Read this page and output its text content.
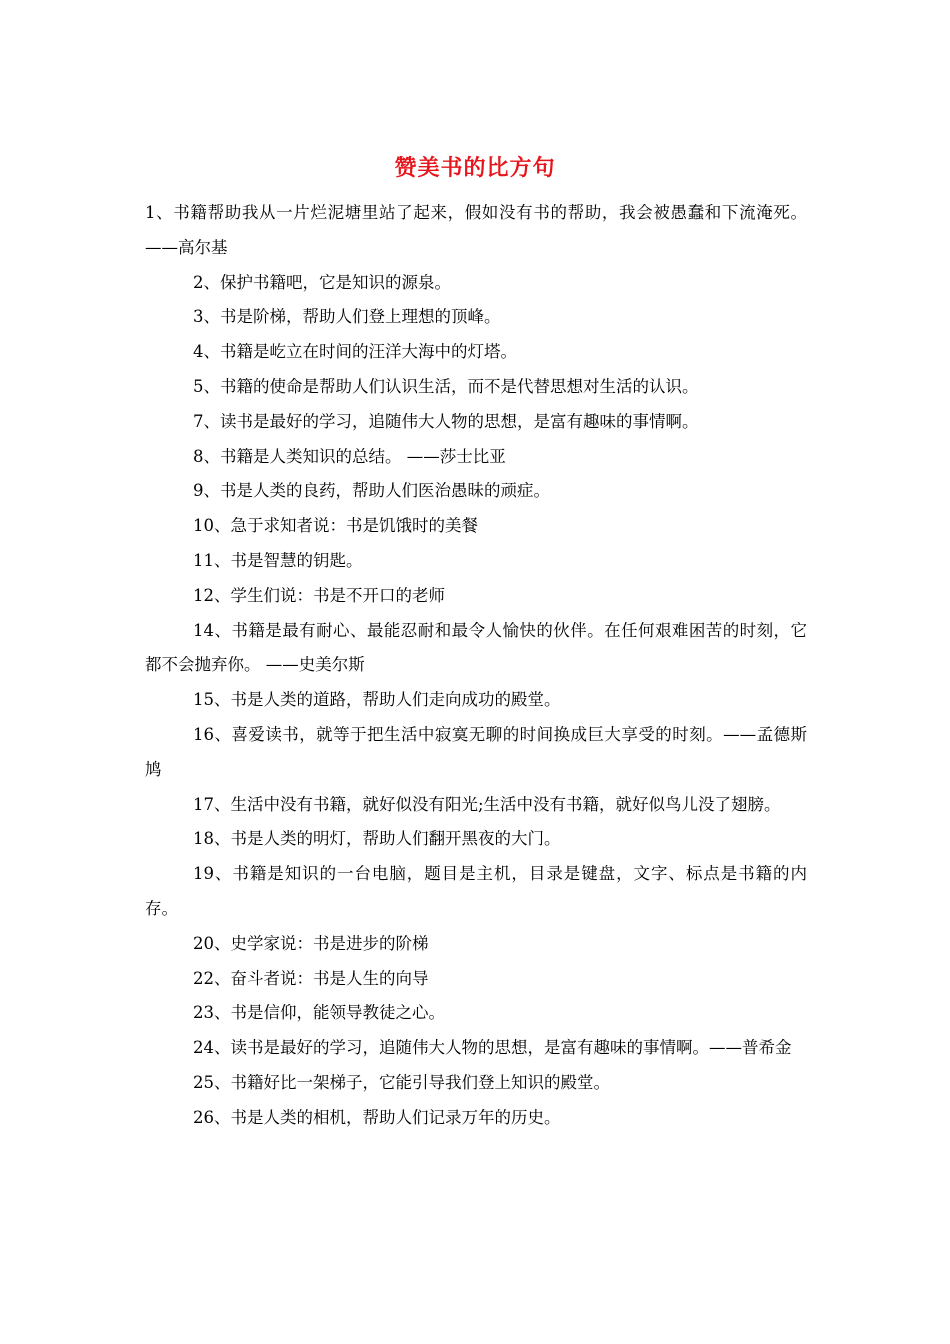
赞美书的比方句

1、书籍帮助我从一片烂泥塘里站了起来，假如没有书的帮助，我会被愚蠢和下流淹死。 ——高尔基

2、保护书籍吧，它是知识的源泉。

3、书是阶梯，帮助人们登上理想的顶峰。

4、书籍是屹立在时间的汪洋大海中的灯塔。

5、书籍的使命是帮助人们认识生活，而不是代替思想对生活的认识。

7、读书是最好的学习，追随伟大人物的思想，是富有趣味的事情啊。

8、书籍是人类知识的总结。 ——莎士比亚

9、书是人类的良药，帮助人们医治愚昧的顽症。

10、急于求知者说：书是饥饿时的美餐

11、书是智慧的钥匙。

12、学生们说：书是不开口的老师

14、书籍是最有耐心、最能忍耐和最令人愉快的伙伴。在任何艰难困苦的时刻，它都不会抛弃你。 ——史美尔斯

15、书是人类的道路，帮助人们走向成功的殿堂。

16、喜爱读书，就等于把生活中寂寞无聊的时间换成巨大享受的时刻。——孟德斯鸠

17、生活中没有书籍，就好似没有阳光;生活中没有书籍，就好似鸟儿没了翅膀。

18、书是人类的明灯，帮助人们翻开黑夜的大门。

19、书籍是知识的一台电脑，题目是主机，目录是键盘，文字、标点是书籍的内存。

20、史学家说：书是进步的阶梯

22、奋斗者说：书是人生的向导

23、书是信仰，能领导教徒之心。

24、读书是最好的学习，追随伟大人物的思想，是富有趣味的事情啊。——普希金

25、书籍好比一架梯子，它能引导我们登上知识的殿堂。

26、书是人类的相机，帮助人们记录万年的历史。
